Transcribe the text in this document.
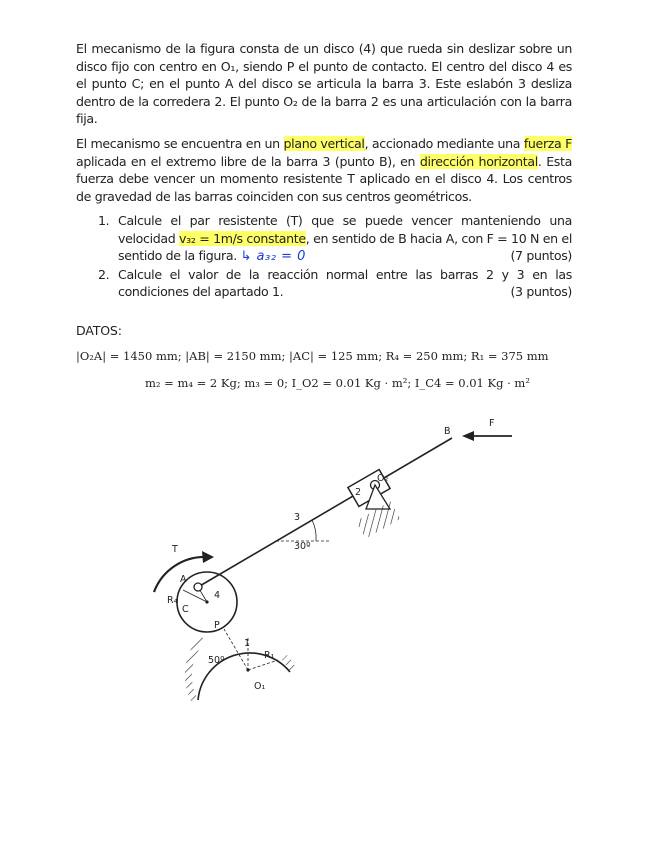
El mecanismo de la figura consta de un disco (4) que rueda sin deslizar sobre un disco fijo con centro en O₁, siendo P el punto de contacto. El centro del disco 4 es el punto C; en el punto A del disco se articula la barra 3. Este eslabón 3 desliza dentro de la corredera 2. El punto O₂ de la barra 2 es una articulación con la barra fija.

El mecanismo se encuentra en un plano vertical, accionado mediante una fuerza F aplicada en el extremo libre de la barra 3 (punto B), en dirección horizontal. Esta fuerza debe vencer un momento resistente T aplicado en el disco 4. Los centros de gravedad de las barras coinciden con sus centros geométricos.

1. Calcule el par resistente (T) que se puede vencer manteniendo una velocidad v₃₂ = 1m/s constante, en sentido de B hacia A, con F = 10 N en el sentido de la figura. ↳ a₃₂ = 0	(7 puntos)
2. Calcule el valor de la reacción normal entre las barras 2 y 3 en las condiciones del apartado 1.	(3 puntos)
DATOS:
|O₂A| = 1450 mm; |AB| = 2150 mm; |AC| = 125 mm; R₄ = 250 mm; R₁ = 375 mm
m₂ = m₄ = 2 Kg; m₃ = 0; I_O2 = 0.01 Kg · m²; I_C4 = 0.01 Kg · m²
B
F
2
O₂
3
30º
T
A
R₄
C
4
P
1
50º	R₁
O₁
